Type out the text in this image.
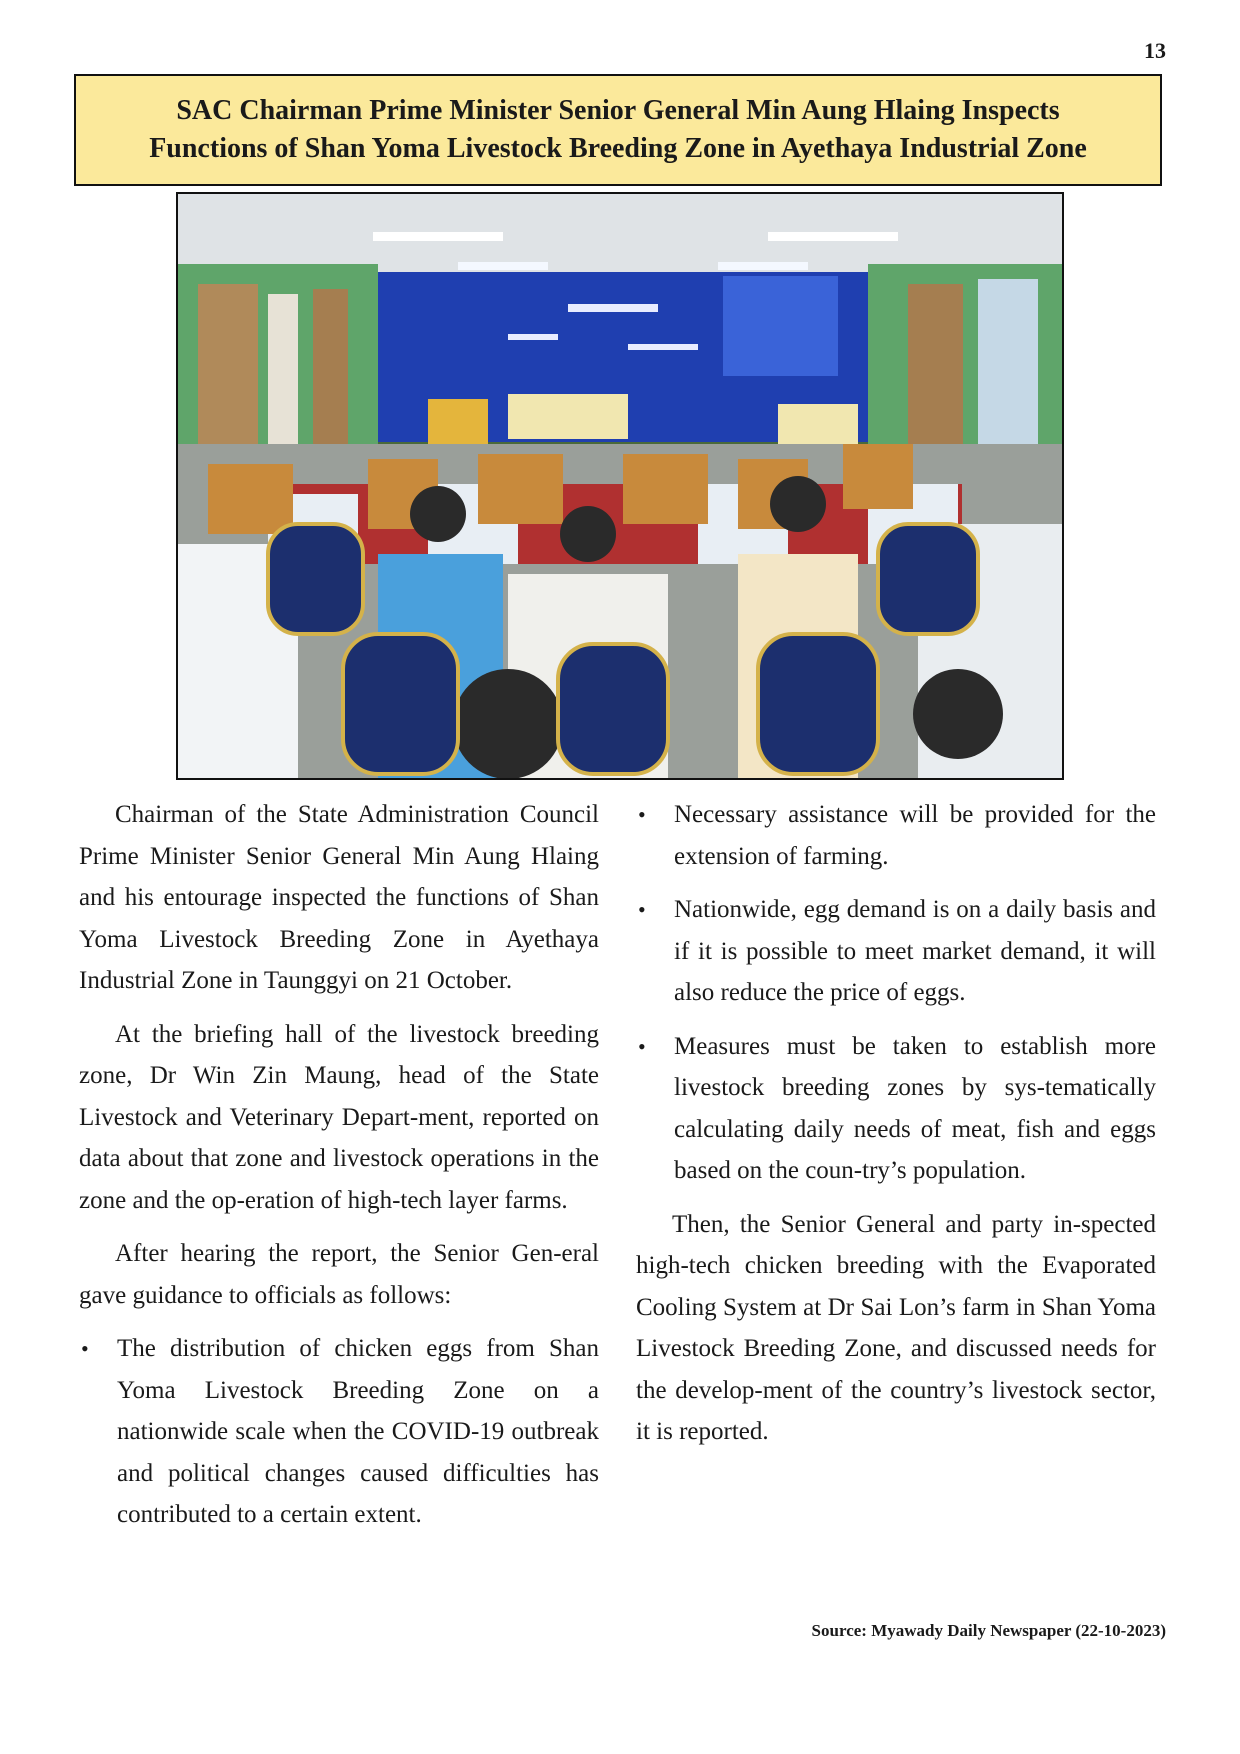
13
SAC Chairman Prime Minister Senior General Min Aung Hlaing Inspects
Functions of Shan Yoma Livestock Breeding Zone in Ayethaya Industrial Zone

Chairman of the State Administration Council Prime Minister Senior General Min Aung Hlaing and his entourage inspected the functions of Shan Yoma Livestock Breeding Zone in Ayethaya Industrial Zone in Taunggyi on 21 October.

At the briefing hall of the livestock breeding zone, Dr Win Zin Maung, head of the State Livestock and Veterinary Depart-ment, reported on data about that zone and livestock operations in the zone and the op-eration of high-tech layer farms.

After hearing the report, the Senior Gen-eral gave guidance to officials as follows:

• The distribution of chicken eggs from Shan Yoma Livestock Breeding Zone on a nationwide scale when the COVID-19 outbreak and political changes caused difficulties has contributed to a certain extent.
• Necessary assistance will be provided for the extension of farming.
• Nationwide, egg demand is on a daily basis and if it is possible to meet market demand, it will also reduce the price of eggs.
• Measures must be taken to establish more livestock breeding zones by sys-tematically calculating daily needs of meat, fish and eggs based on the coun-try’s population.

Then, the Senior General and party in-spected high-tech chicken breeding with the Evaporated Cooling System at Dr Sai Lon’s farm in Shan Yoma Livestock Breeding Zone, and discussed needs for the develop-ment of the country’s livestock sector, it is reported.

Source: Myawady Daily Newspaper (22-10-2023)
